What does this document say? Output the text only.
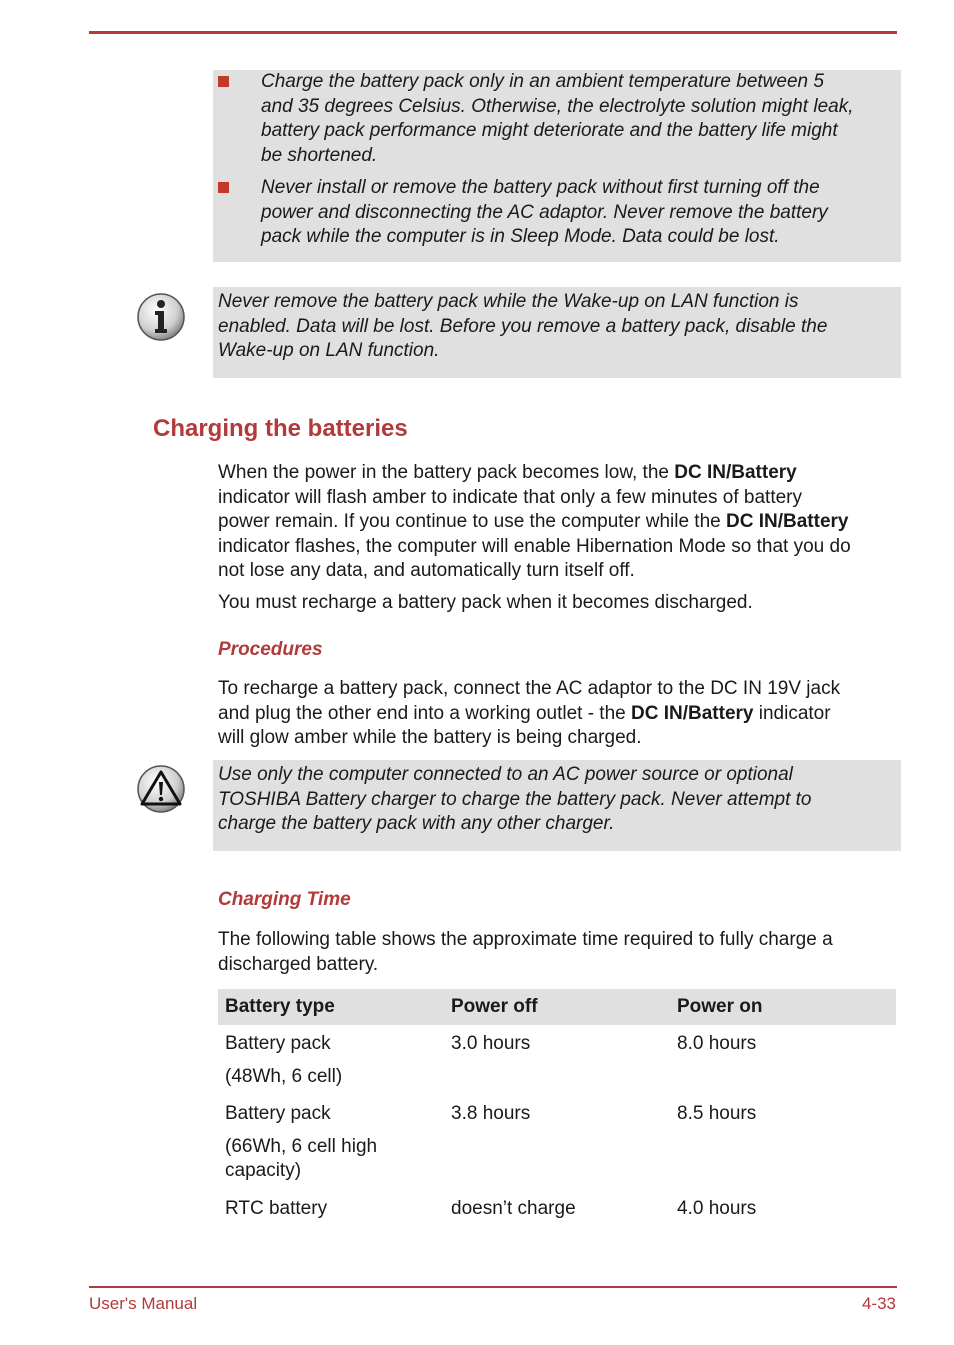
Charge the battery pack only in an ambient temperature between 5
and 35 degrees Celsius. Otherwise, the electrolyte solution might leak,
battery pack performance might deteriorate and the battery life might
be shortened.

Never install or remove the battery pack without first turning off the
power and disconnecting the AC adaptor. Never remove the battery
pack while the computer is in Sleep Mode. Data could be lost.

Never remove the battery pack while the Wake-up on LAN function is
enabled. Data will be lost. Before you remove a battery pack, disable the
Wake-up on LAN function.

Charging the batteries

When the power in the battery pack becomes low, the DC IN/Battery
indicator will flash amber to indicate that only a few minutes of battery
power remain. If you continue to use the computer while the DC IN/Battery
indicator flashes, the computer will enable Hibernation Mode so that you do
not lose any data, and automatically turn itself off.

You must recharge a battery pack when it becomes discharged.

Procedures

To recharge a battery pack, connect the AC adaptor to the DC IN 19V jack
and plug the other end into a working outlet - the DC IN/Battery indicator
will glow amber while the battery is being charged.

Use only the computer connected to an AC power source or optional
TOSHIBA Battery charger to charge the battery pack. Never attempt to
charge the battery pack with any other charger.

Charging Time

The following table shows the approximate time required to fully charge a
discharged battery.

Battery type	Power off	Power on
Battery pack
(48Wh, 6 cell)	3.0 hours	8.0 hours
Battery pack
(66Wh, 6 cell high capacity)	3.8 hours	8.5 hours
RTC battery	doesn’t charge	4.0 hours
User's Manual	4-33
